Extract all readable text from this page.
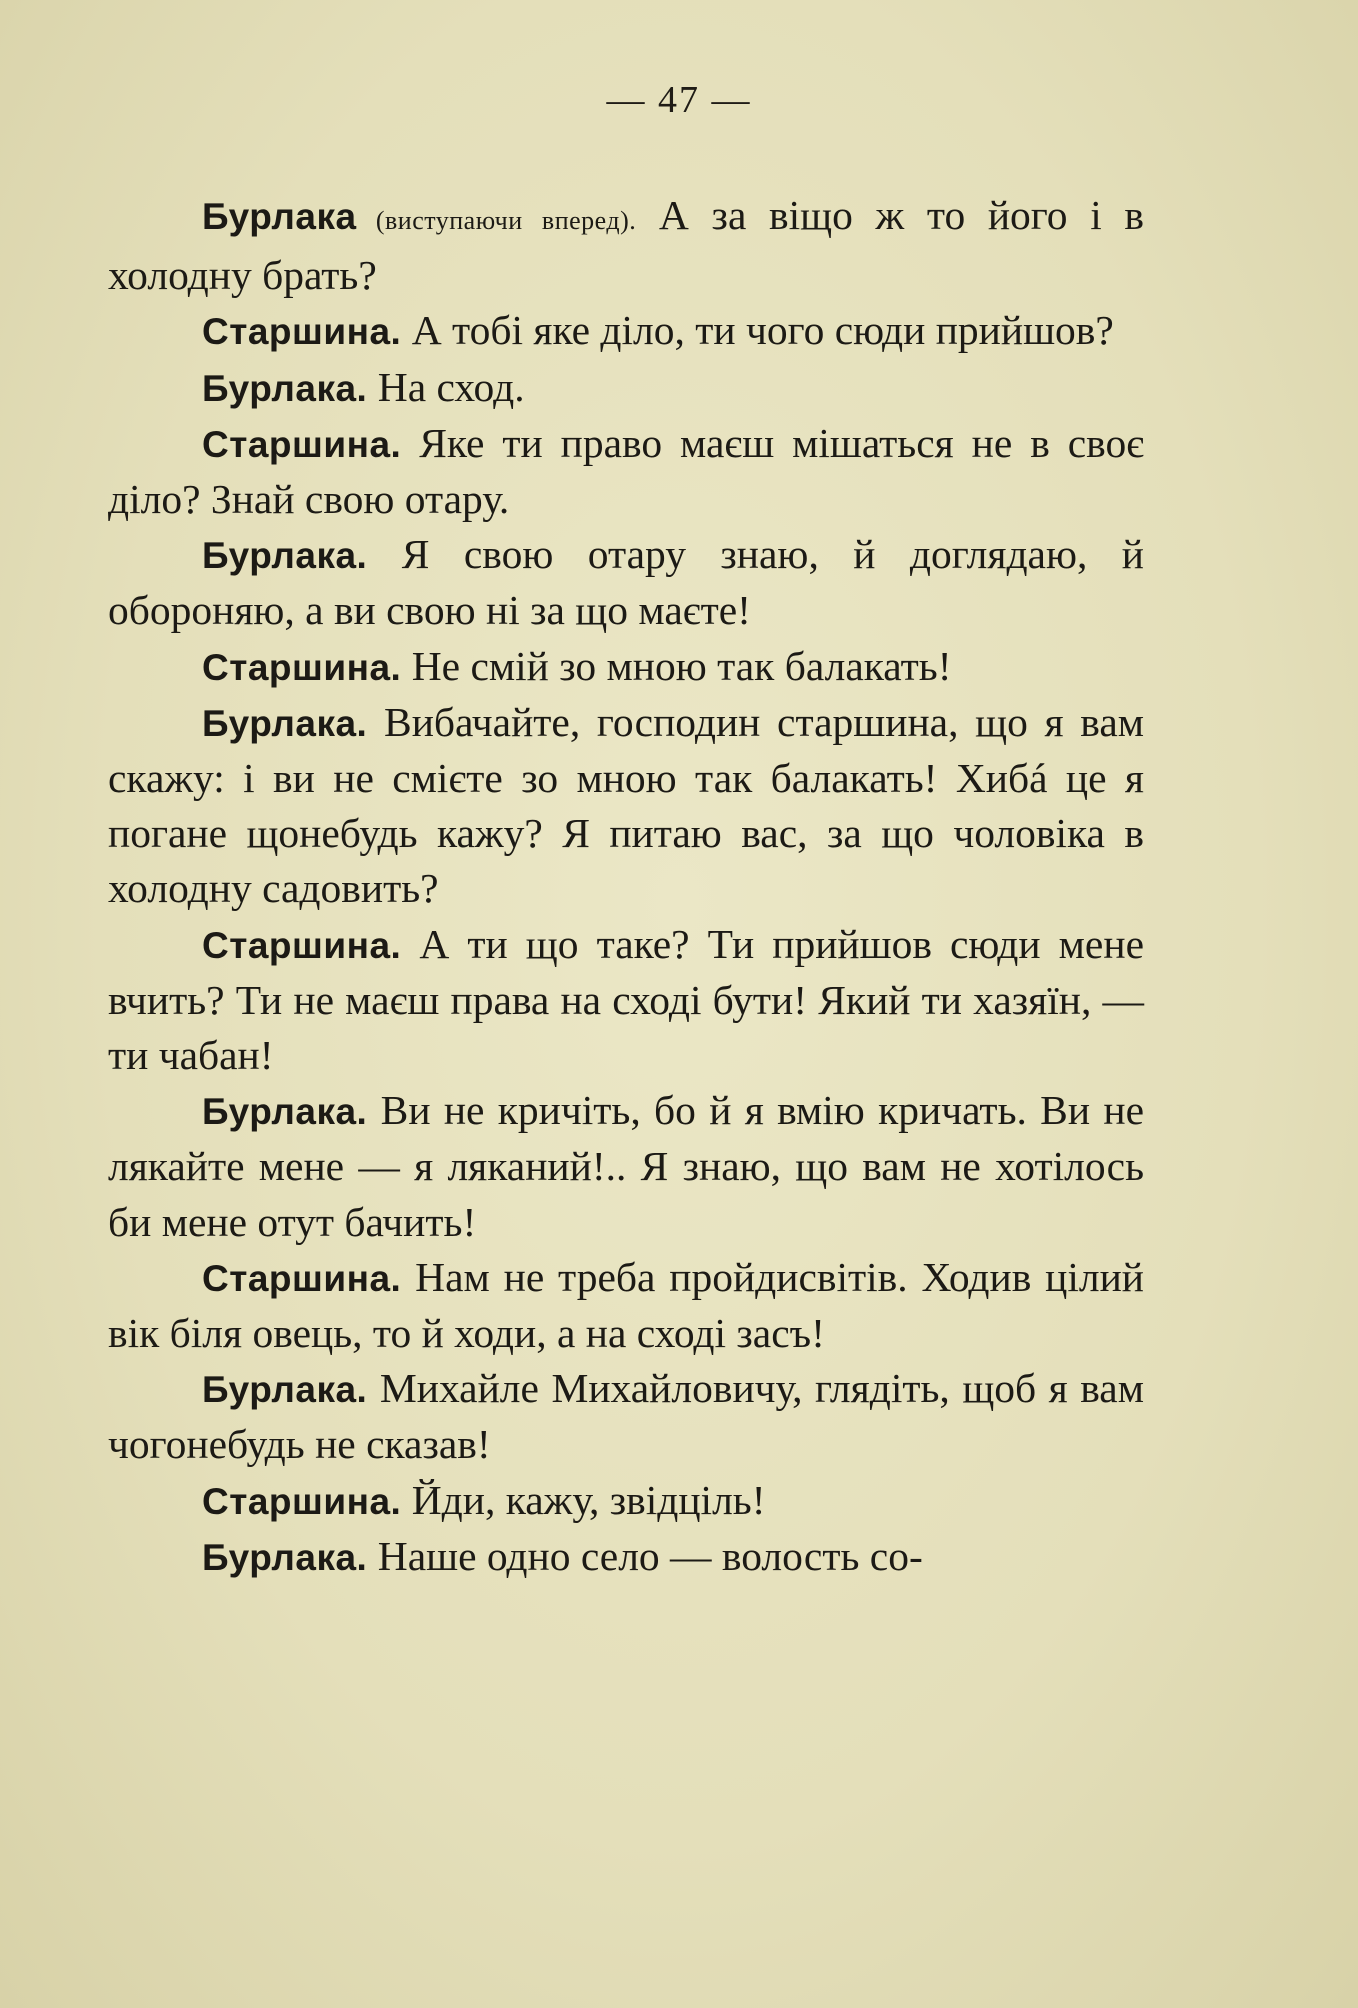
— 47 —

Бурлака (виступаючи вперед). А за віщо ж то його і в холодну брать?

Старшина. А тобі яке діло, ти чого сюди прийшов?

Бурлака. На сход.

Старшина. Яке ти право маєш мішаться не в своє діло? Знай свою отару.

Бурлака. Я свою отару знаю, й доглядаю, й обороняю, а ви свою ні за що маєте!

Старшина. Не смій зо мною так балакать!

Бурлака. Вибачайте, господин старшина, що я вам скажу: і ви не смієте зо мною так балакать! Хибá це я погане щонебудь кажу? Я питаю вас, за що чоловіка в холодну садовить?

Старшина. А ти що таке? Ти прийшов сюди мене вчить? Ти не маєш права на сході бути! Який ти хазяїн, — ти чабан!

Бурлака. Ви не кричіть, бо й я вмію кричать. Ви не лякайте мене — я ляканий!.. Я знаю, що вам не хотілось би мене отут бачить!

Старшина. Нам не треба пройдисвітів. Ходив цілий вік біля овець, то й ходи, а на сході засъ!

Бурлака. Михайле Михайловичу, глядіть, щоб я вам чогонебудь не сказав!

Старшина. Йди, кажу, звідціль!

Бурлака. Наше одно село — волость со-
